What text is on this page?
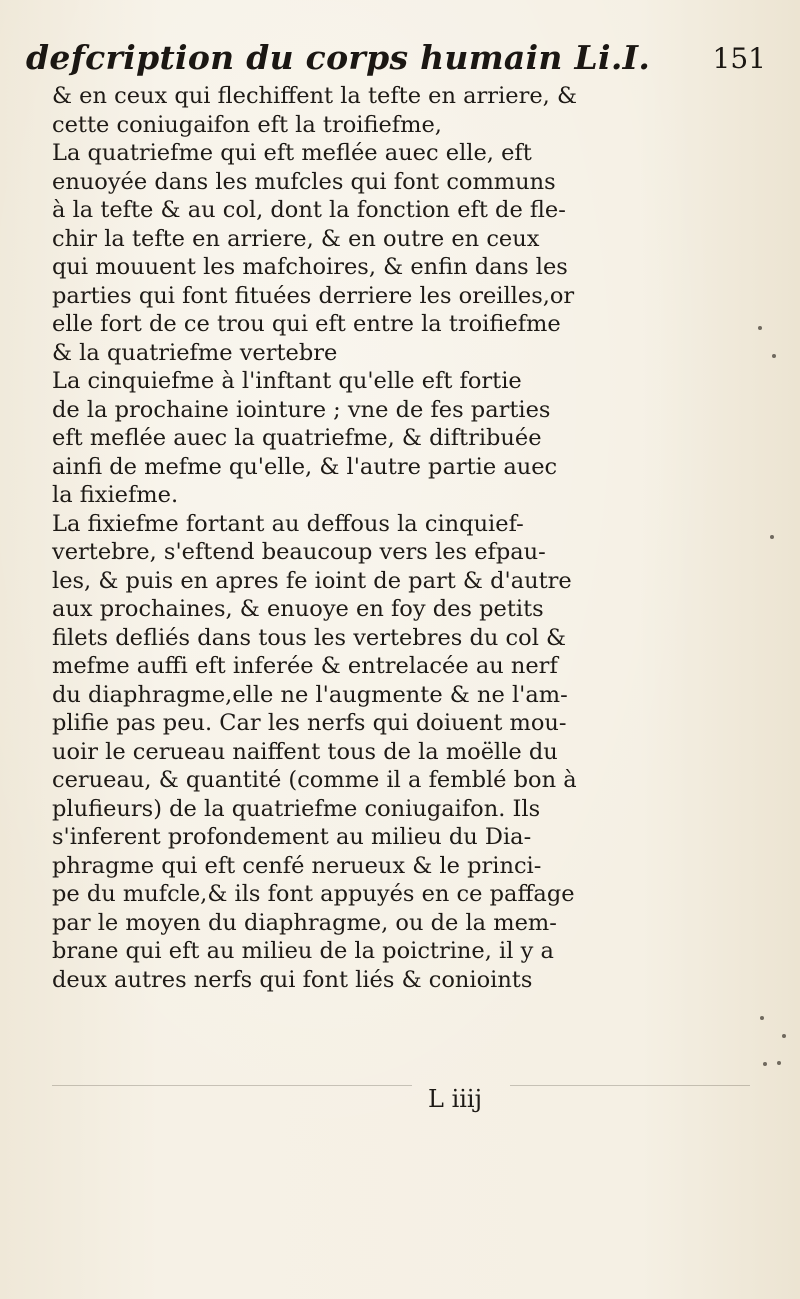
defcription du corps humain Li.I. 151
& en ceux qui flechiffent la tefte en arriere, &
cette coniugaifon eft la troifiefme,
La quatriefme qui eft meflée auec elle, eft
enuoyée dans les mufcles qui font communs
à la tefte & au col, dont la fonction eft de fle-
chir la tefte en arriere, & en outre en ceux
qui mouuent les mafchoires, & enfin dans les
parties qui font fituées derriere les oreilles,or
elle fort de ce trou qui eft entre la troifiefme
& la quatriefme vertebre
La cinquiefme à l'inftant qu'elle eft fortie
de la prochaine iointure ; vne de fes parties
eft meflée auec la quatriefme, & diftribuée
ainfi de mefme qu'elle, & l'autre partie auec
la fixiefme.
La fixiefme fortant au deffous la cinquief-
vertebre, s'eftend beaucoup vers les efpau-
les, & puis en apres fe ioint de part & d'autre
aux prochaines, & enuoye en foy des petits
filets defliés dans tous les vertebres du col &
mefme auffi eft inferée & entrelacée au nerf
du diaphragme,elle ne l'augmente & ne l'am-
plifie pas peu. Car les nerfs qui doiuent mou-
uoir le cerueau naiffent tous de la moëlle du
cerueau, & quantité (comme il a femblé bon à
plufieurs) de la quatriefme coniugaifon. Ils
s'inferent profondement au milieu du Dia-
phragme qui eft cenfé nerueux & le princi-
pe du mufcle,& ils font appuyés en ce paffage
par le moyen du diaphragme, ou de la mem-
brane qui eft au milieu de la poictrine, il y a
deux autres nerfs qui font liés & conioints
L iiij
